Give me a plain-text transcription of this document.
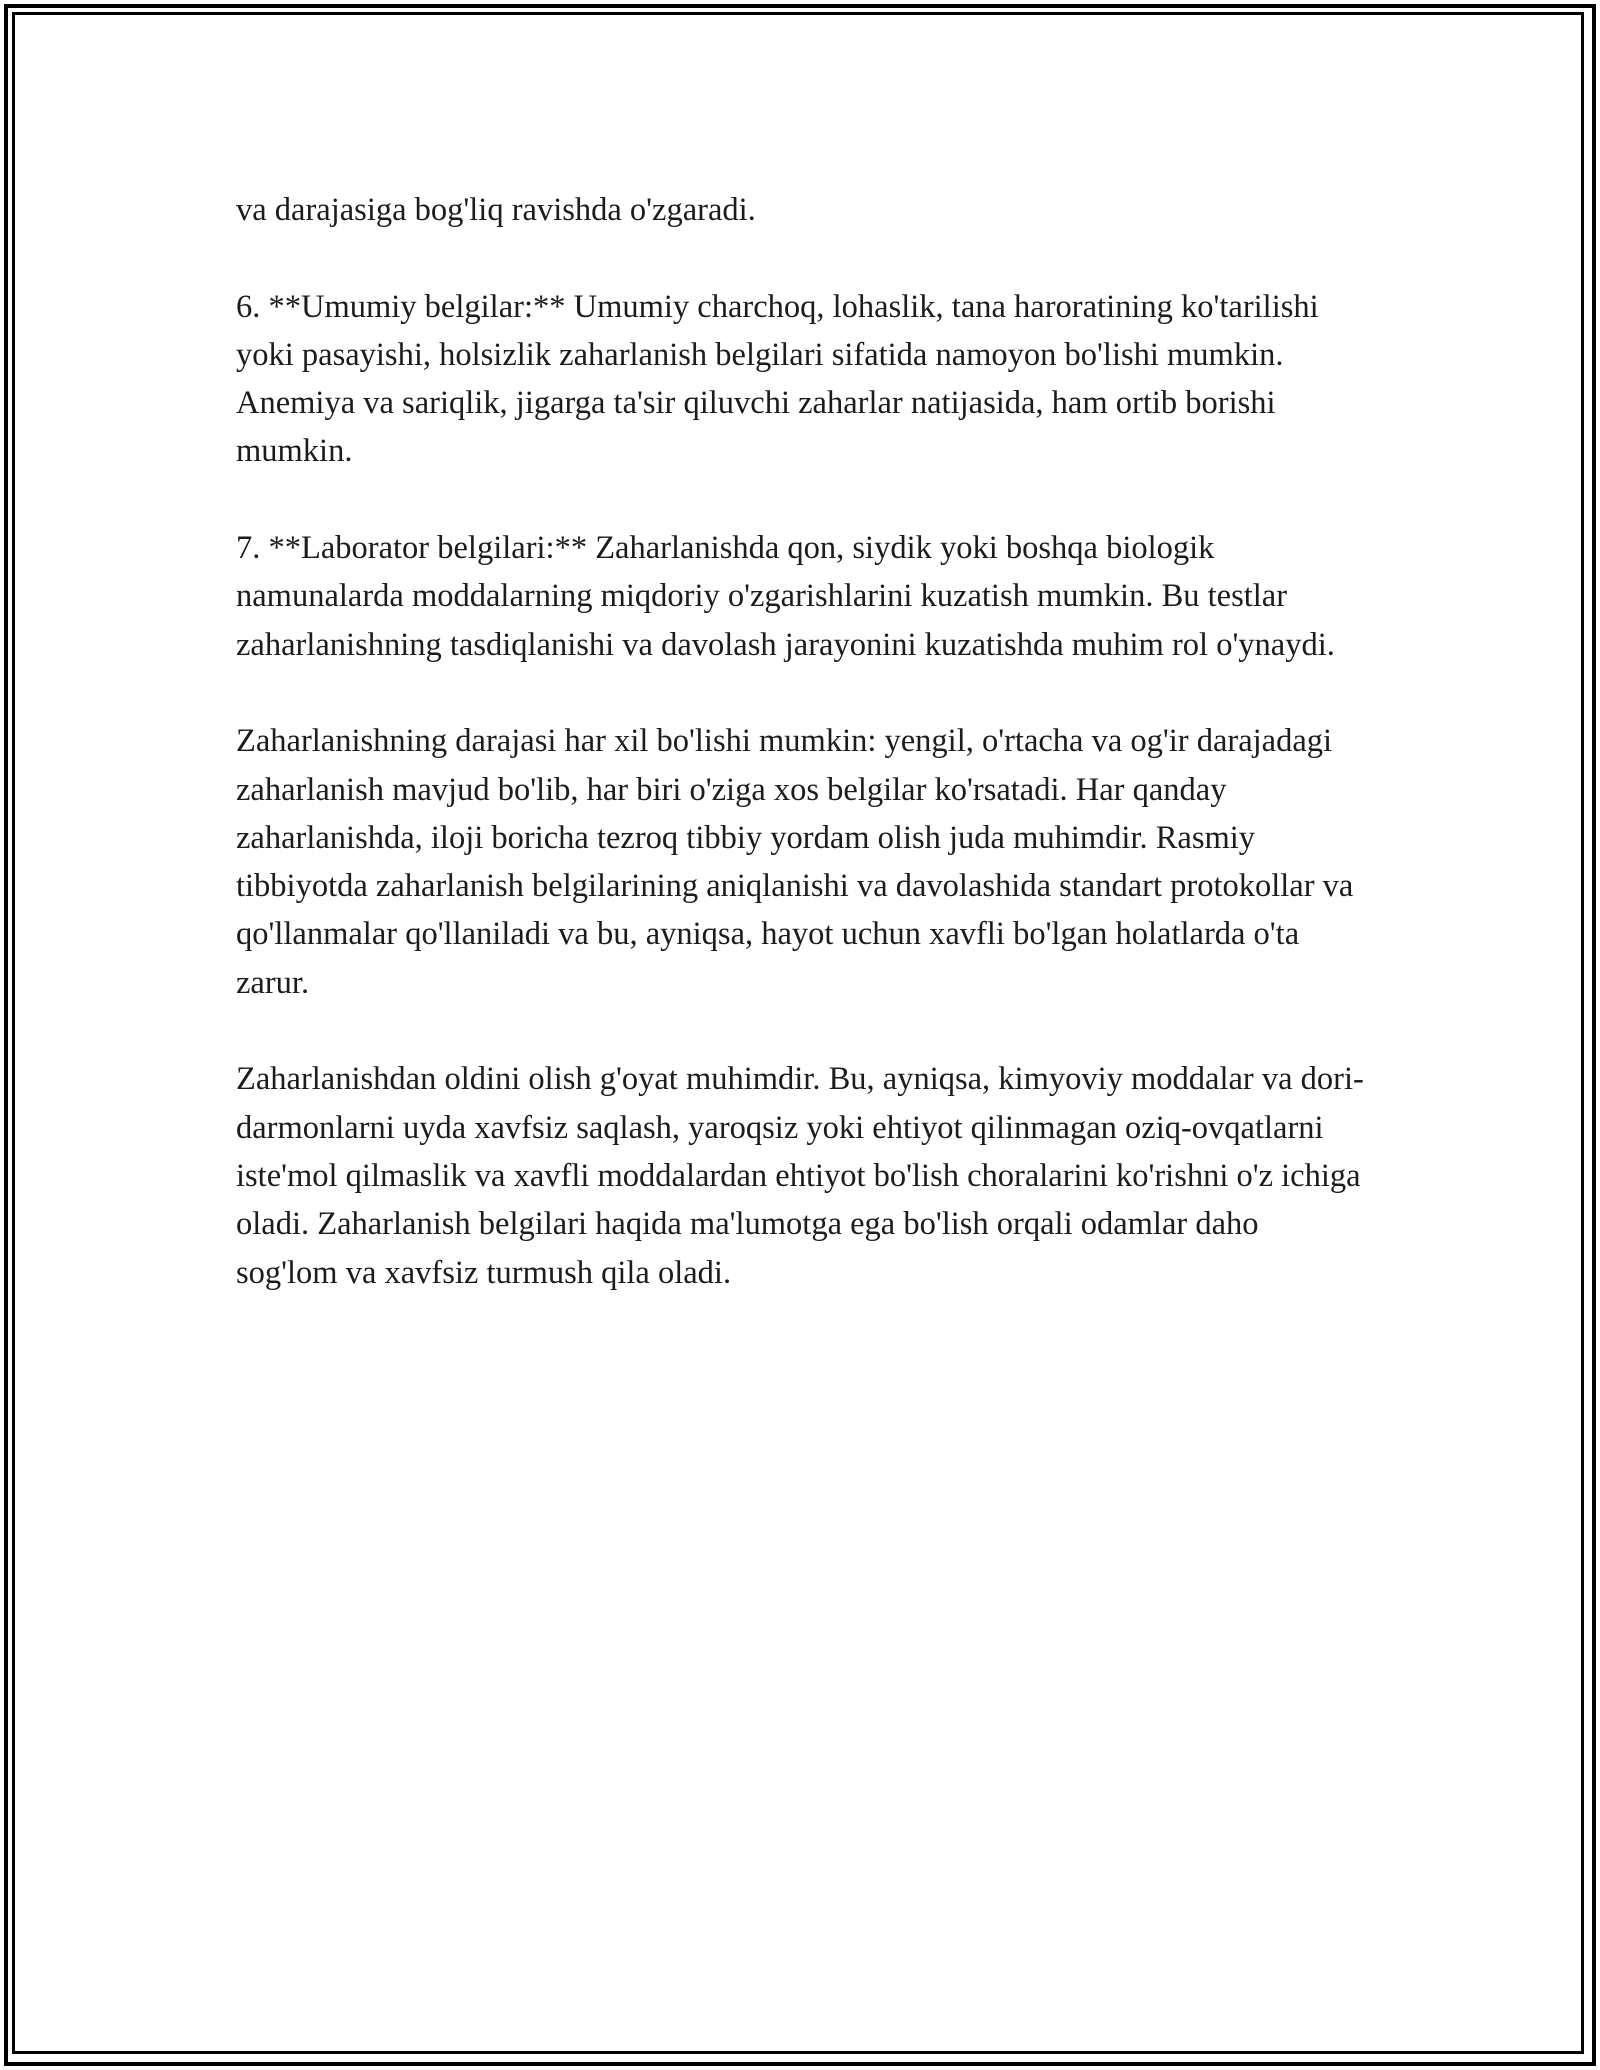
va darajasiga bog'liq ravishda o'zgaradi.

6. **Umumiy belgilar:** Umumiy charchoq, lohaslik, tana haroratining ko'tarilishi yoki pasayishi, holsizlik zaharlanish belgilari sifatida namoyon bo'lishi mumkin. Anemiya va sariqlik, jigarga ta'sir qiluvchi zaharlar natijasida, ham ortib borishi mumkin.

7. **Laborator belgilari:** Zaharlanishda qon, siydik yoki boshqa biologik namunalarda moddalarning miqdoriy o'zgarishlarini kuzatish mumkin. Bu testlar zaharlanishning tasdiqlanishi va davolash jarayonini kuzatishda muhim rol o'ynaydi.

Zaharlanishning darajasi har xil bo'lishi mumkin: yengil, o'rtacha va og'ir darajadagi zaharlanish mavjud bo'lib, har biri o'ziga xos belgilar ko'rsatadi. Har qanday zaharlanishda, iloji boricha tezroq tibbiy yordam olish juda muhimdir. Rasmiy tibbiyotda zaharlanish belgilarining aniqlanishi va davolashida standart protokollar va qo'llanmalar qo'llaniladi va bu, ayniqsa, hayot uchun xavfli bo'lgan holatlarda o'ta zarur.

Zaharlanishdan oldini olish g'oyat muhimdir. Bu, ayniqsa, kimyoviy moddalar va dori-darmonlarni uyda xavfsiz saqlash, yaroqsiz yoki ehtiyot qilinmagan oziq-ovqatlarni iste'mol qilmaslik va xavfli moddalardan ehtiyot bo'lish choralarini ko'rishni o'z ichiga oladi. Zaharlanish belgilari haqida ma'lumotga ega bo'lish orqali odamlar daho sog'lom va xavfsiz turmush qila oladi.
